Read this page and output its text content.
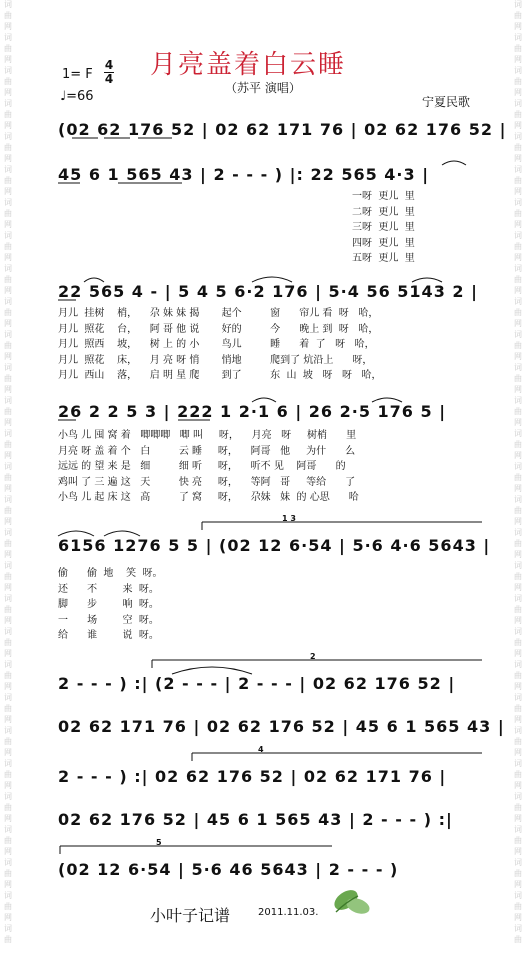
词
曲
网
词
曲
网
词
曲
网
词
曲
网
词
曲
网
词
曲
网
词
曲
网
词
曲
网
词
曲
网
词
曲
网
词
曲
网
词
曲
网
词
曲
网
词
曲
网
词
曲
网
词
曲
网
词
曲
网
词
曲
网
词
曲
网
词
曲
网
词
曲
网
词
曲
网
词
曲
网
词
曲
网
词
曲
网
词
曲
网
词
曲
网
词
曲
网
词
曲
词
曲
网
词
曲
网
词
曲
网
词
曲
网
词
曲
网
词
曲
网
词
曲
网
词
曲
网
词
曲
网
词
曲
网
词
曲
网
词
曲
网
词
曲
网
词
曲
网
词
曲
网
词
曲
网
词
曲
网
词
曲
网
词
曲
网
词
曲
网
词
曲
网
词
曲
网
词
曲
网
词
曲
网
词
曲
网
词
曲
网
词
曲
网
词
曲
网
词
曲
月亮盖着白云睡
（苏平 演唱）
1= F
4
4
♩=66	宁夏民歌
(02 62 176 52 | 02 62 171 76 | 02 62 176 52 |
45 6 1 565 43 | 2 - - - ) |: 22 565 4·3 |
一呀  更儿  里
二呀  更儿  里
三呀  更儿  里
四呀  更儿  里
五呀  更儿  里
22 565 4 - | 5 4 5 6·2 176 | 5·4 56 5143 2 |
月儿  挂树    梢，    尕 妹 妹 揭       起个         窗      帘儿 看  呀   哈，
月儿  照花    台，    阿 哥 他 说       好的         今      晚上 到  呀   哈，
月儿  照西    坡，    树 上 的 小       鸟儿         睡      着  了   呀   哈，
月儿  照花    床，    月 亮 呀 悄       悄地         爬到了 炕沿上      呀，
月儿  西山    落，    启 明 星 爬       到了         东  山  坡   呀   呀   哈，
26 2 2 5 3 | 222 1 2·1 6 | 26 2·5 176 5 |
小鸟 儿 囤 窝 着   唧唧唧   唧 叫     呀，    月亮   呀     树梢      里
月亮 呀 盖 着 个   白         云 睡     呀，    阿哥   他     为什      么
远远 的 望 来 是   细         细 听     呀，    听不 见    阿哥      的
鸡叫 了 三 遍 这   天         快 亮     呀，    等阿   哥     等给      了
小鸟 儿 起 床 这   高         了 窝     呀，    尕妹   妹  的 心思      哈
1 3
6156 1276 5 5 | (02 12 6·54 | 5·6 4·6 5643 |
偷      偷  地    笑  呀。
还      不        来  呀。
脚      步        响  呀。
一      场        空  呀。
给      谁        说  呀。
2
2 - - - ) :| (2 - - - | 2 - - - | 02 62 176 52 |
02 62 171 76 | 02 62 176 52 | 45 6 1 565 43 |
4
2 - - - ) :| 02 62 176 52 | 02 62 171 76 |
02 62 176 52 | 45 6 1 565 43 | 2 - - - ) :|
5
(02 12 6·54 | 5·6 46 5643 | 2 - - - )
小叶子记谱	2011.11.03.
